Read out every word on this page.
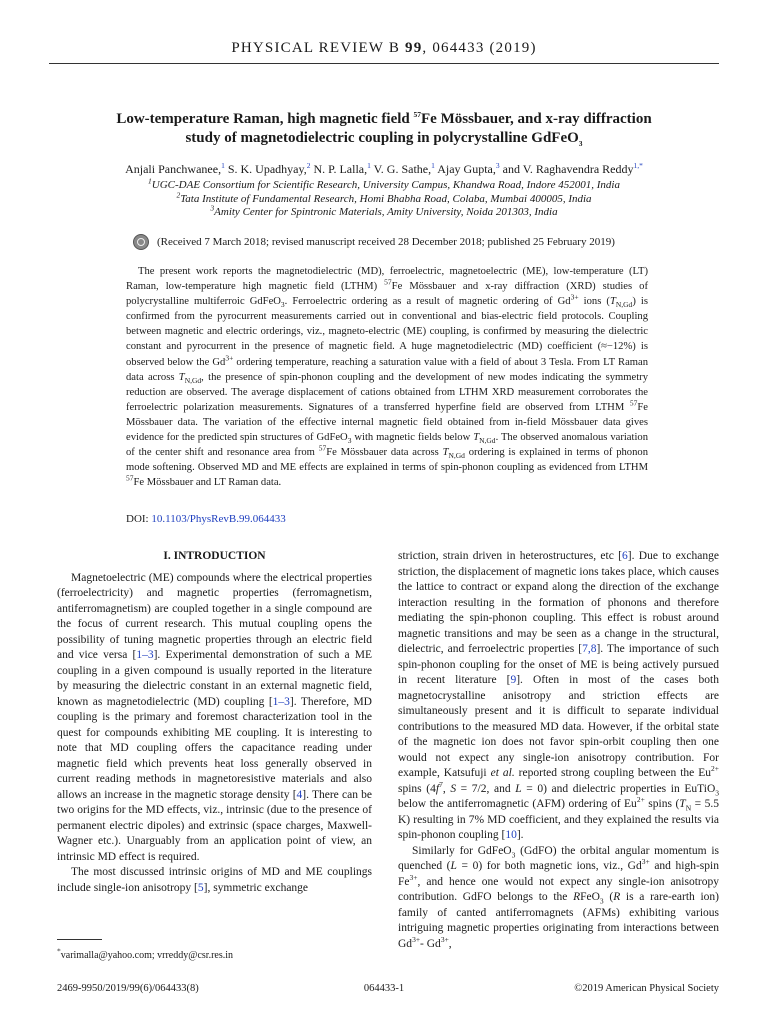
PHYSICAL REVIEW B 99, 064433 (2019)
Low-temperature Raman, high magnetic field $^{57}$Fe Mössbauer, and x-ray diffraction
study of magnetodielectric coupling in polycrystalline GdFeO$_3$
Anjali Panchwanee,$^1$ S. K. Upadhyay,$^2$ N. P. Lalla,$^1$ V. G. Sathe,$^1$ Ajay Gupta,$^3$ and V. Raghavendra Reddy$^{1,*}$
$^1$UGC-DAE Consortium for Scientific Research, University Campus, Khandwa Road, Indore 452001, India
$^2$Tata Institute of Fundamental Research, Homi Bhabha Road, Colaba, Mumbai 400005, India
$^3$Amity Center for Spintronic Materials, Amity University, Noida 201303, India
(Received 7 March 2018; revised manuscript received 28 December 2018; published 25 February 2019)

The present work reports the magnetodielectric (MD), ferroelectric, magnetoelectric (ME), low-temperature (LT) Raman, low-temperature high magnetic field (LTHM) $^{57}$Fe Mössbauer and x-ray diffraction (XRD) studies of polycrystalline multiferroic GdFeO$_3$. Ferroelectric ordering as a result of magnetic ordering of $Gd^{3+}$ ions $(T_{N,Gd})$ is confirmed from the pyrocurrent measurements carried out in conventional and bias-electric field protocols. Coupling between magnetic and electric orderings, viz., magneto-electric (ME) coupling, is confirmed by measuring the dielectric constant and pyrocurrent in the presence of magnetic field. A huge magnetodielectric (MD) coefficient (≈−12%) is observed below the $Gd^{3+}$ ordering temperature, reaching a saturation value with a field of about 3 Tesla. From LT Raman data across $T_{N,Gd}$, the presence of spin-phonon coupling and the development of new modes indicating the symmetry reduction are observed. The average displacement of cations obtained from LTHM XRD measurement corroborates the ferroelectric polarization measurements. Signatures of a transferred hyperfine field are observed from LTHM $^{57}$Fe Mössbauer data. The variation of the effective internal magnetic field obtained from in-field Mössbauer data gives evidence for the predicted spin structures of GdFeO$_3$ with magnetic fields below $T_{N,Gd}$. The observed anomalous variation of the center shift and resonance area from $^{57}$Fe Mössbauer data across $T_{N,Gd}$ ordering is explained in terms of phonon mode softening. Observed MD and ME effects are explained in terms of spin-phonon coupling as evidenced from LTHM $^{57}$Fe Mössbauer and LT Raman data.

DOI: 10.1103/PhysRevB.99.064433
I. INTRODUCTION

Magnetoelectric (ME) compounds where the electrical properties (ferroelectricity) and magnetic properties (ferromagnetism, antiferromagnetism) are coupled together in a single compound are the focus of current research. This mutual coupling opens the possibility of tuning magnetic properties through an electric field and vice versa [1–3]. Experimental demonstration of such a ME coupling in a given compound is usually reported in the literature by measuring the dielectric constant in an external magnetic field, known as magnetodielectric (MD) coupling [1–3]. Therefore, MD coupling is the primary and foremost characterization tool in the quest for compounds exhibiting ME coupling. It is interesting to note that MD coupling offers the capacitance reading under magnetic field which prevents heat loss generally observed in current reading methods in magnetoresistive materials and also allows an increase in the magnetic storage density [4]. There can be two origins for the MD effects, viz., intrinsic (due to the presence of permanent electric dipoles) and extrinsic (space charges, Maxwell-Wagner etc.). Unarguably from an application point of view, an intrinsic MD effect is required.

The most discussed intrinsic origins of MD and ME couplings include single-ion anisotropy [5], symmetric exchange

striction, strain driven in heterostructures, etc [6]. Due to exchange striction, the displacement of magnetic ions takes place, which causes the lattice to contract or expand along the direction of the exchange interaction resulting in the formation of phonons and therefore mediating the spin-phonon coupling. This effect is robust around magnetic transitions and may be seen as a change in the structural, dielectric, and ferroelectric properties [7,8]. The importance of such spin-phonon coupling for the onset of ME is being actively pursued in recent literature [9]. Often in most of the cases both magnetocrystalline anisotropy and striction effects are simultaneously present and it is difficult to separate individual contributions to the measured MD data. However, if the orbital state of the magnetic ion does not favor spin-orbit coupling then one would not expect any single-ion anisotropy contribution. For example, Katsufuji et al. reported strong coupling between the $Eu^{2+}$ spins ($4f^7$, S = 7/2, and L = 0) and dielectric properties in EuTiO$_3$ below the antiferromagnetic (AFM) ordering of $Eu^{2+}$ spins ($T_N = 5.5$ K) resulting in 7% MD coefficient, and they explained the results via spin-phonon coupling [10].

Similarly for GdFeO$_3$ (GdFO) the orbital angular momentum is quenched (L = 0) for both magnetic ions, viz., $Gd^{3+}$ and high-spin $Fe^{3+}$, and hence one would not expect any single-ion anisotropy contribution. GdFO belongs to the RFeO$_3$ (R is a rare-earth ion) family of canted antiferromagnets (AFMs) exhibiting various intriguing magnetic properties originating from interactions between $Gd^{3+}-$ $Gd^{3+}$,

*varimalla@yahoo.com; vrreddy@csr.res.in
2469-9950/2019/99(6)/064433(8)	064433-1	©2019 American Physical Society
